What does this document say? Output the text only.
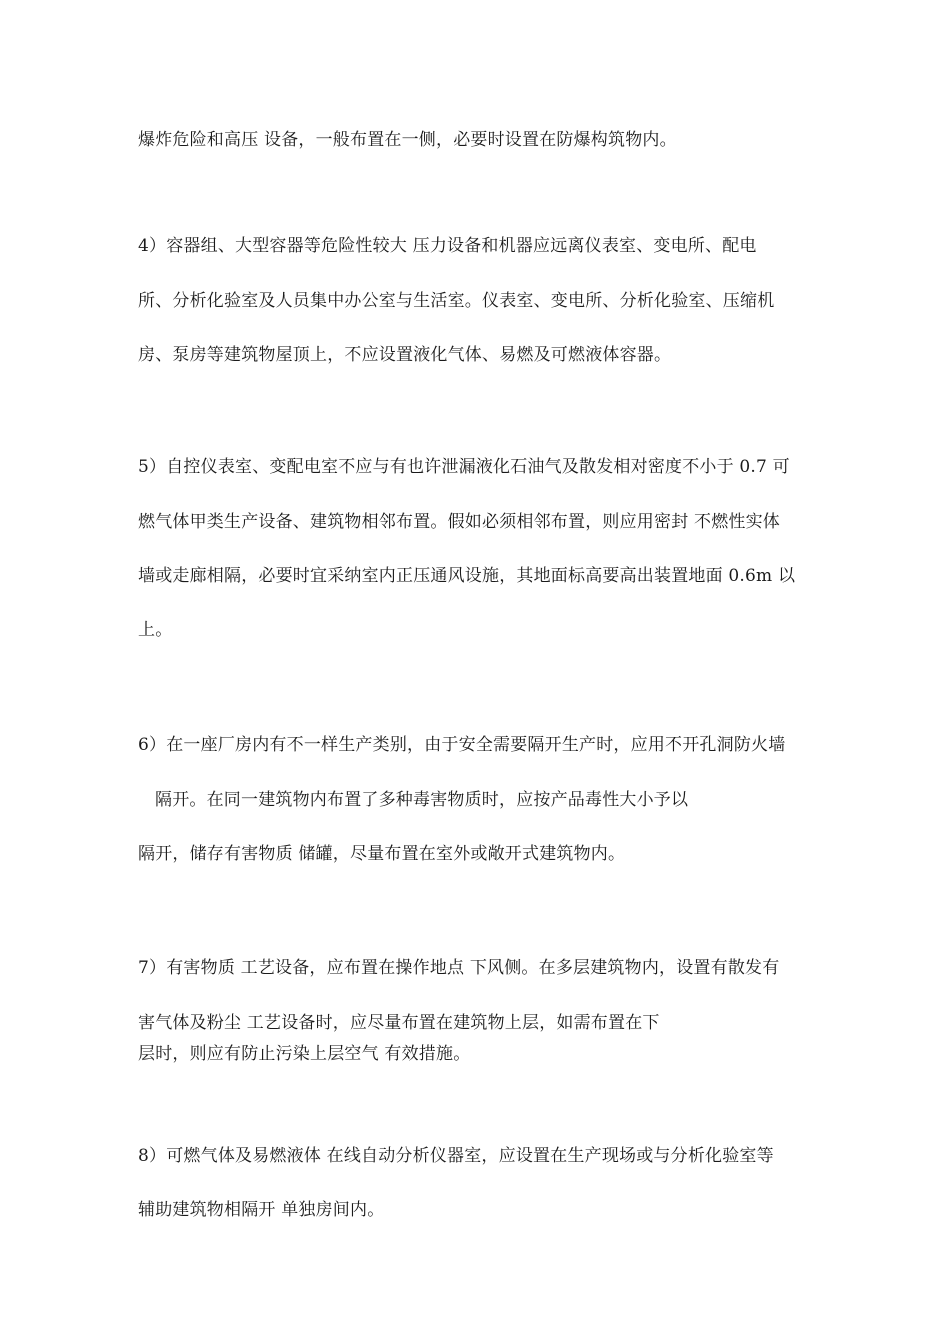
爆炸危险和高压 设备，一般布置在一侧，必要时设置在防爆构筑物内。
4）容器组、大型容器等危险性较大 压力设备和机器应远离仪表室、变电所、配电
所、分析化验室及人员集中办公室与生活室。仪表室、变电所、分析化验室、压缩机
房、泵房等建筑物屋顶上，不应设置液化气体、易燃及可燃液体容器。
5）自控仪表室、变配电室不应与有也许泄漏液化石油气及散发相对密度不小于 0.7 可
燃气体甲类生产设备、建筑物相邻布置。假如必须相邻布置，则应用密封 不燃性实体
墙或走廊相隔，必要时宜采纳室内正压通风设施，其地面标高要高出装置地面 0.6m 以
上。
6）在一座厂房内有不一样生产类别，由于安全需要隔开生产时，应用不开孔洞防火墙
隔开。在同一建筑物内布置了多种毒害物质时，应按产品毒性大小予以
隔开，储存有害物质 储罐，尽量布置在室外或敞开式建筑物内。
7）有害物质 工艺设备，应布置在操作地点 下风侧。在多层建筑物内，设置有散发有
害气体及粉尘 工艺设备时，应尽量布置在建筑物上层，如需布置在下
层时，则应有防止污染上层空气 有效措施。
8）可燃气体及易燃液体 在线自动分析仪器室，应设置在生产现场或与分析化验室等
辅助建筑物相隔开 单独房间内。
